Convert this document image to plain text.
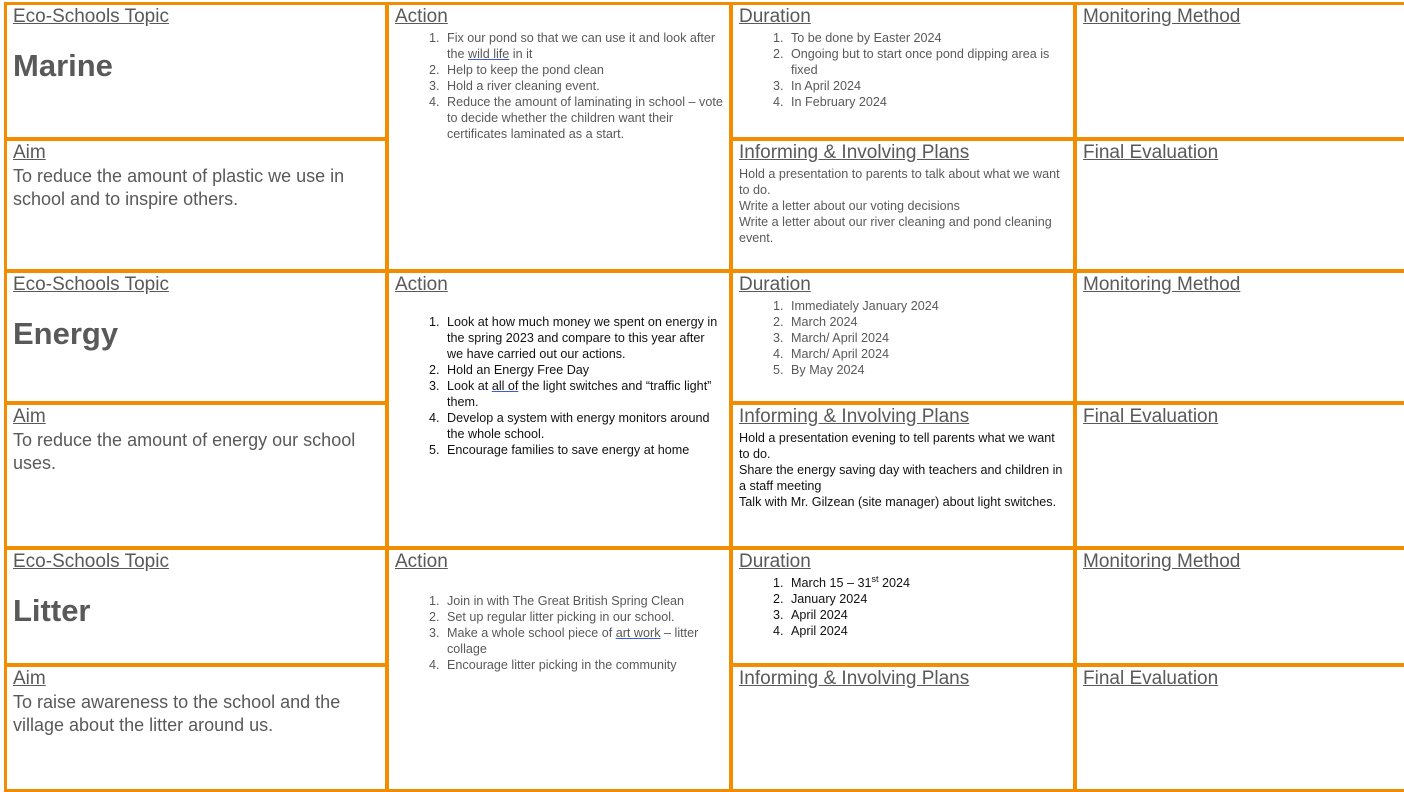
Eco-Schools Topic
Marine
Action
1. Fix our pond so that we can use it and look after the wild life in it
2. Help to keep the pond clean
3. Hold a river cleaning event.
4. Reduce the amount of laminating in school – vote to decide whether the children want their certificates laminated as a start.
Duration
1. To be done by Easter 2024
2. Ongoing but to start once pond dipping area is fixed
3. In April 2024
4. In February 2024
Monitoring Method
Aim
To reduce the amount of plastic we use in school and to inspire others.
Informing & Involving Plans
Hold a presentation to parents to talk about what we want to do.
Write a letter about our voting decisions
Write a letter about our river cleaning and pond cleaning event.
Final Evaluation
Eco-Schools Topic
Energy
Action
1. Look at how much money we spent on energy in the spring 2023 and compare to this year after we have carried out our actions.
2. Hold an Energy Free Day
3. Look at all of the light switches and “traffic light” them.
4. Develop a system with energy monitors around the whole school.
5. Encourage families to save energy at home
Duration
1. Immediately January 2024
2. March 2024
3. March/ April 2024
4. March/ April 2024
5. By May 2024
Monitoring Method
Aim
To reduce the amount of energy our school uses.
Informing & Involving Plans
Hold a presentation evening to tell parents what we want to do.
Share the energy saving day with teachers and children in a staff meeting
Talk with Mr. Gilzean (site manager) about light switches.
Final Evaluation
Eco-Schools Topic
Litter
Action
1. Join in with The Great British Spring Clean
2. Set up regular litter picking in our school.
3. Make a whole school piece of art work – litter collage
4. Encourage litter picking in the community
Duration
1. March 15 – 31st 2024
2. January 2024
3. April 2024
4. April 2024
Monitoring Method
Aim
To raise awareness to the school and the village about the litter around us.
Informing & Involving Plans	Final Evaluation
